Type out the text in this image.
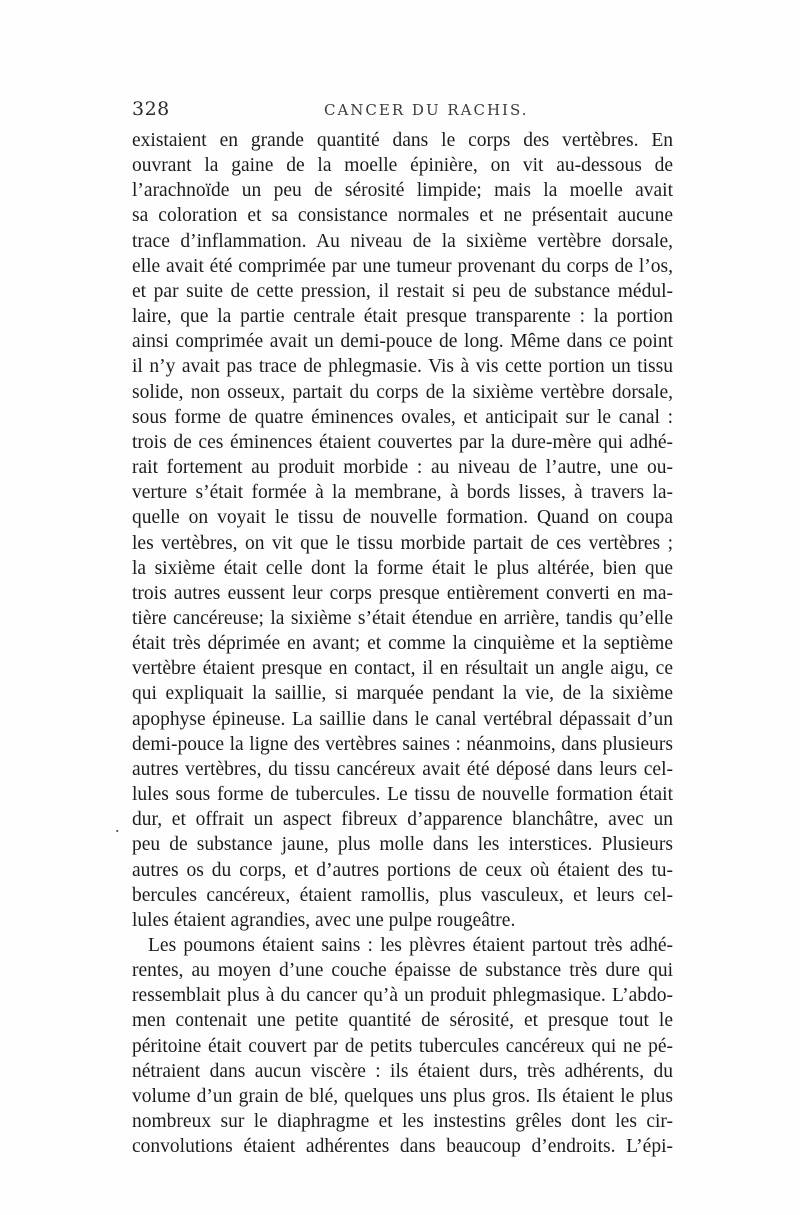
328	CANCER DU RACHIS.
.

existaient en grande quantité dans le corps des vertèbres. En
ouvrant la gaine de la moelle épinière, on vit au-dessous de
l’arachnoïde un peu de sérosité limpide; mais la moelle avait
sa coloration et sa consistance normales et ne présentait aucune
trace d’inflammation. Au niveau de la sixième vertèbre dorsale,
elle avait été comprimée par une tumeur provenant du corps de l’os,
et par suite de cette pression, il restait si peu de substance médul-
laire, que la partie centrale était presque transparente : la portion
ainsi comprimée avait un demi-pouce de long. Même dans ce point
il n’y avait pas trace de phlegmasie. Vis à vis cette portion un tissu
solide, non osseux, partait du corps de la sixième vertèbre dorsale,
sous forme de quatre éminences ovales, et anticipait sur le canal :
trois de ces éminences étaient couvertes par la dure-mère qui adhé-
rait fortement au produit morbide : au niveau de l’autre, une ou-
verture s’était formée à la membrane, à bords lisses, à travers la-
quelle on voyait le tissu de nouvelle formation. Quand on coupa
les vertèbres, on vit que le tissu morbide partait de ces vertèbres ;
la sixième était celle dont la forme était le plus altérée, bien que
trois autres eussent leur corps presque entièrement converti en ma-
tière cancéreuse; la sixième s’était étendue en arrière, tandis qu’elle
était très déprimée en avant; et comme la cinquième et la septième
vertèbre étaient presque en contact, il en résultait un angle aigu, ce
qui expliquait la saillie, si marquée pendant la vie, de la sixième
apophyse épineuse. La saillie dans le canal vertébral dépassait d’un
demi-pouce la ligne des vertèbres saines : néanmoins, dans plusieurs
autres vertèbres, du tissu cancéreux avait été déposé dans leurs cel-
lules sous forme de tubercules. Le tissu de nouvelle formation était
dur, et offrait un aspect fibreux d’apparence blanchâtre, avec un
peu de substance jaune, plus molle dans les interstices. Plusieurs
autres os du corps, et d’autres portions de ceux où étaient des tu-
bercules cancéreux, étaient ramollis, plus vasculeux, et leurs cel-
lules étaient agrandies, avec une pulpe rougeâtre.

Les poumons étaient sains : les plèvres étaient partout très adhé-
rentes, au moyen d’une couche épaisse de substance très dure qui
ressemblait plus à du cancer qu’à un produit phlegmasique. L’abdo-
men contenait une petite quantité de sérosité, et presque tout le
péritoine était couvert par de petits tubercules cancéreux qui ne pé-
nétraient dans aucun viscère : ils étaient durs, très adhérents, du
volume d’un grain de blé, quelques uns plus gros. Ils étaient le plus
nombreux sur le diaphragme et les instestins grêles dont les cir-
convolutions étaient adhérentes dans beaucoup d’endroits. L’épi-
